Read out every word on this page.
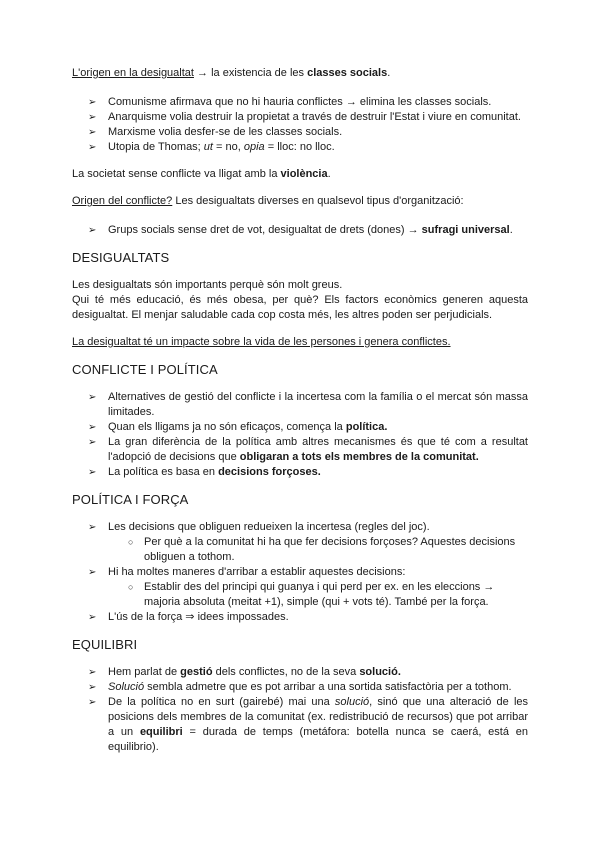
L'origen en la desigualtat → la existencia de les classes socials.

➢ Comunisme afirmava que no hi hauria conflictes → elimina les classes socials.
➢ Anarquisme volia destruir la propietat a través de destruir l'Estat i viure en comunitat.
➢ Marxisme volia desfer-se de les classes socials.
➢ Utopia de Thomas; ut = no, opia = lloc: no lloc.

La societat sense conflicte va lligat amb la violència.

Origen del conflicte? Les desigualtats diverses en qualsevol tipus d'organització:

➢ Grups socials sense dret de vot, desigualtat de drets (dones) → sufragi universal.
DESIGUALTATS

Les desigualtats són importants perquè són molt greus.

Qui té més educació, és més obesa, per què? Els factors econòmics generen aquesta desigualtat. El menjar saludable cada cop costa més, les altres poden ser perjudicials.

La desigualtat té un impacte sobre la vida de les persones i genera conflictes.

CONFLICTE I POLÍTICA
➢ Alternatives de gestió del conflicte i la incertesa com la família o el mercat són massa limitades.
➢ Quan els lligams ja no són eficaços, comença la política.
➢ La gran diferència de la política amb altres mecanismes és que té com a resultat l'adopció de decisions que obligaran a tots els membres de la comunitat.
➢ La política es basa en decisions forçoses.
POLÍTICA I FORÇA
➢ Les decisions que obliguen redueixen la incertesa (regles del joc).
○ Per què a la comunitat hi ha que fer decisions forçoses? Aquestes decisions obliguen a tothom.
➢ Hi ha moltes maneres d'arribar a establir aquestes decisions:
○ Establir des del principi qui guanya i qui perd per ex. en les eleccions → majoria absoluta (meitat +1), simple (qui + vots té). També per la força.
➢ L'ús de la força ⇒ idees impossades.
EQUILIBRI
➢ Hem parlat de gestió dels conflictes, no de la seva solució.
➢ Solució sembla admetre que es pot arribar a una sortida satisfactòria per a tothom.
➢ De la política no en surt (gairebé) mai una solució, sinó que una alteració de les posicions dels membres de la comunitat (ex. redistribució de recursos) que pot arribar a un equilibri = durada de temps (metáfora: botella nunca se caerá, está en equilibrio).
